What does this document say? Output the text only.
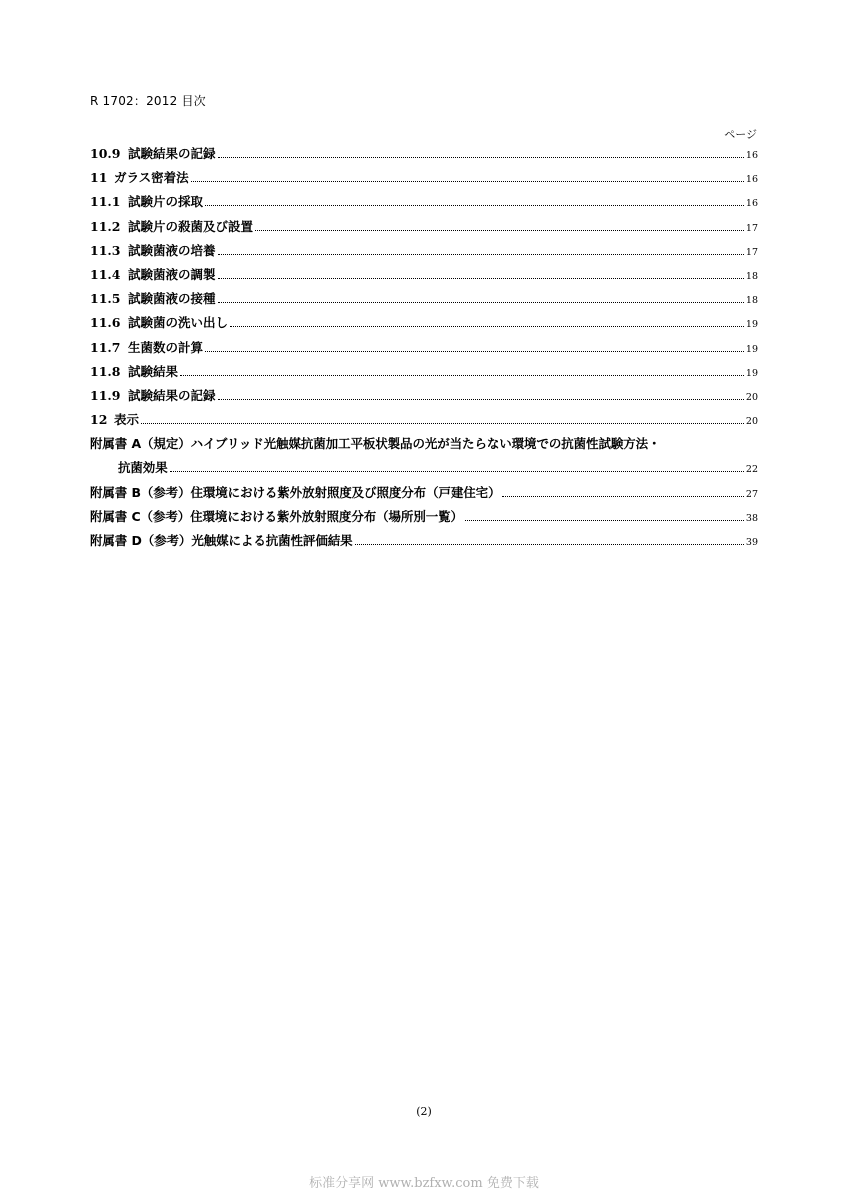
R 1702：2012 目次
ページ
10.9 試験結果の記録	16
11 ガラス密着法	16
11.1 試験片の採取	16
11.2 試験片の殺菌及び設置	17
11.3 試験菌液の培養	17
11.4 試験菌液の調製	18
11.5 試験菌液の接種	18
11.6 試験菌の洗い出し	19
11.7 生菌数の計算	19
11.8 試験結果	19
11.9 試験結果の記録	20
12 表示	20
附属書 A（規定）ハイブリッド光触媒抗菌加工平板状製品の光が当たらない環境での抗菌性試験方法・
抗菌効果	22
附属書 B（参考）住環境における紫外放射照度及び照度分布（戸建住宅）	27
附属書 C（参考）住環境における紫外放射照度分布（場所別一覧）	38
附属書 D（参考）光触媒による抗菌性評価結果	39
(2)
标准分享网 www.bzfxw.com 免费下载
